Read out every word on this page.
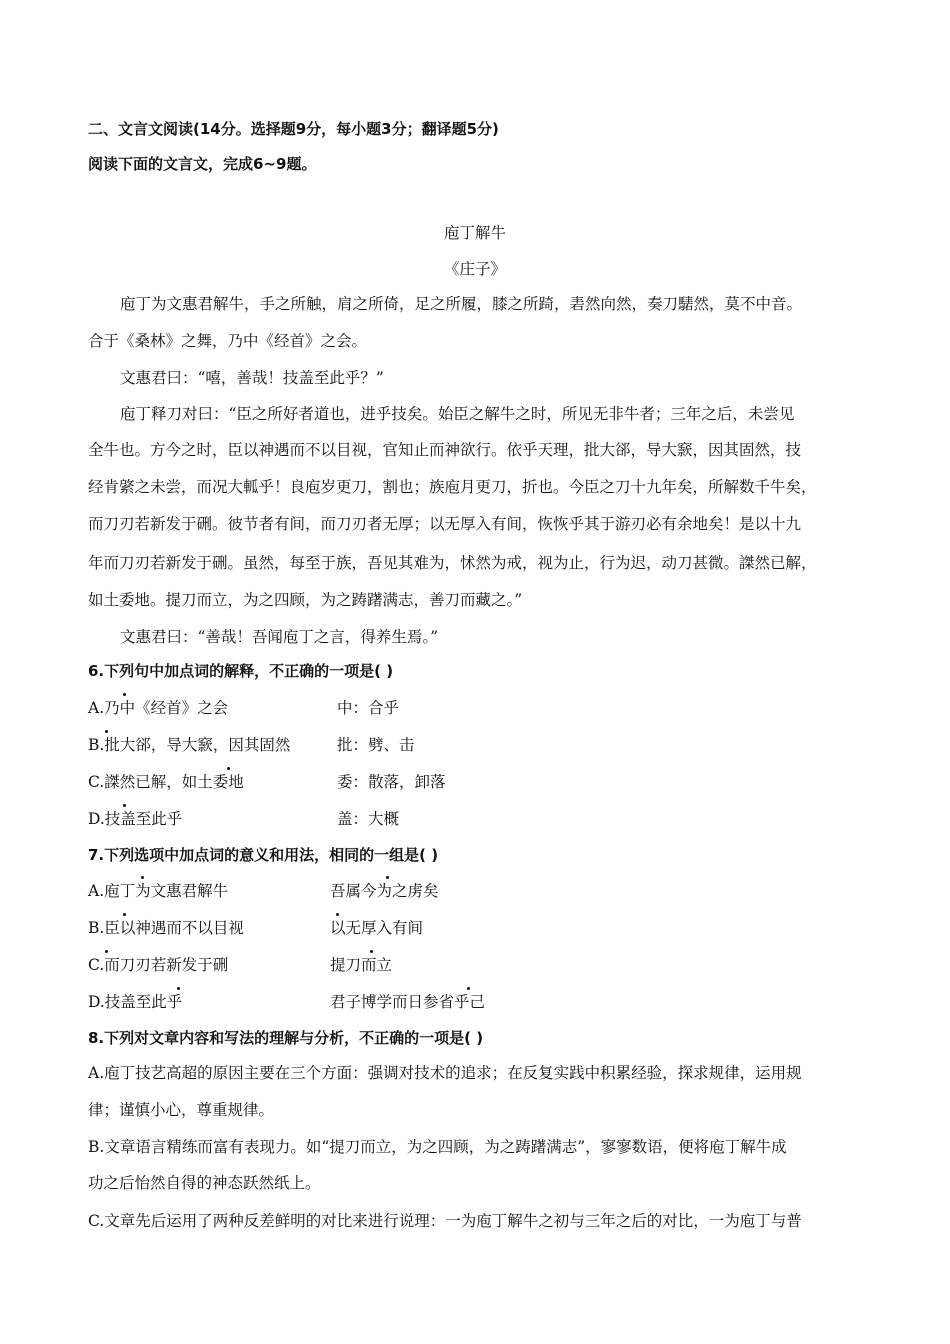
二、文言文阅读(14分。选择题9分，每小题3分；翻译题5分)
阅读下面的文言文，完成6~9题。
庖丁解牛
《庄子》
庖丁为文惠君解牛，手之所触，肩之所倚，足之所履，膝之所踦，砉然向然，奏刀騞然，莫不中音。
合于《桑林》之舞，乃中《经首》之会。
文惠君曰：“嘻，善哉！技盖至此乎？”
庖丁释刀对曰：“臣之所好者道也，进乎技矣。始臣之解牛之时，所见无非牛者；三年之后，未尝见
全牛也。方今之时，臣以神遇而不以目视，官知止而神欲行。依乎天理，批大郤，导大窾，因其固然，技
经肯綮之未尝，而况大軱乎！良庖岁更刀，割也；族庖月更刀，折也。今臣之刀十九年矣，所解数千牛矣，
而刀刃若新发于硎。彼节者有间，而刀刃者无厚；以无厚入有间，恢恢乎其于游刃必有余地矣！是以十九
年而刀刃若新发于硎。虽然，每至于族，吾见其难为，怵然为戒，视为止，行为迟，动刀甚微。謋然已解，
如土委地。提刀而立，为之四顾，为之踌躇满志，善刀而藏之。”
文惠君曰：“善哉！吾闻庖丁之言，得养生焉。”
6.下列句中加点词的解释，不正确的一项是( )
A.乃中《经首》之会	中：合乎
B.批大郤，导大窾，因其固然	批：劈、击
C.謋然已解，如土委地	委：散落，卸落
D.技盖至此乎	盖：大概
7.下列选项中加点词的意义和用法，相同的一组是( )
A.庖丁为文惠君解牛	吾属今为之虏矣
B.臣以神遇而不以目视	以无厚入有间
C.而刀刃若新发于硎	提刀而立
D.技盖至此乎	君子博学而日参省乎己
8.下列对文章内容和写法的理解与分析，不正确的一项是( )
A.庖丁技艺高超的原因主要在三个方面：强调对技术的追求；在反复实践中积累经验，探求规律，运用规
律；谨慎小心，尊重规律。
B.文章语言精练而富有表现力。如“提刀而立，为之四顾，为之踌躇满志”，寥寥数语，便将庖丁解牛成
功之后怡然自得的神态跃然纸上。
C.文章先后运用了两种反差鲜明的对比来进行说理：一为庖丁解牛之初与三年之后的对比，一为庖丁与普
